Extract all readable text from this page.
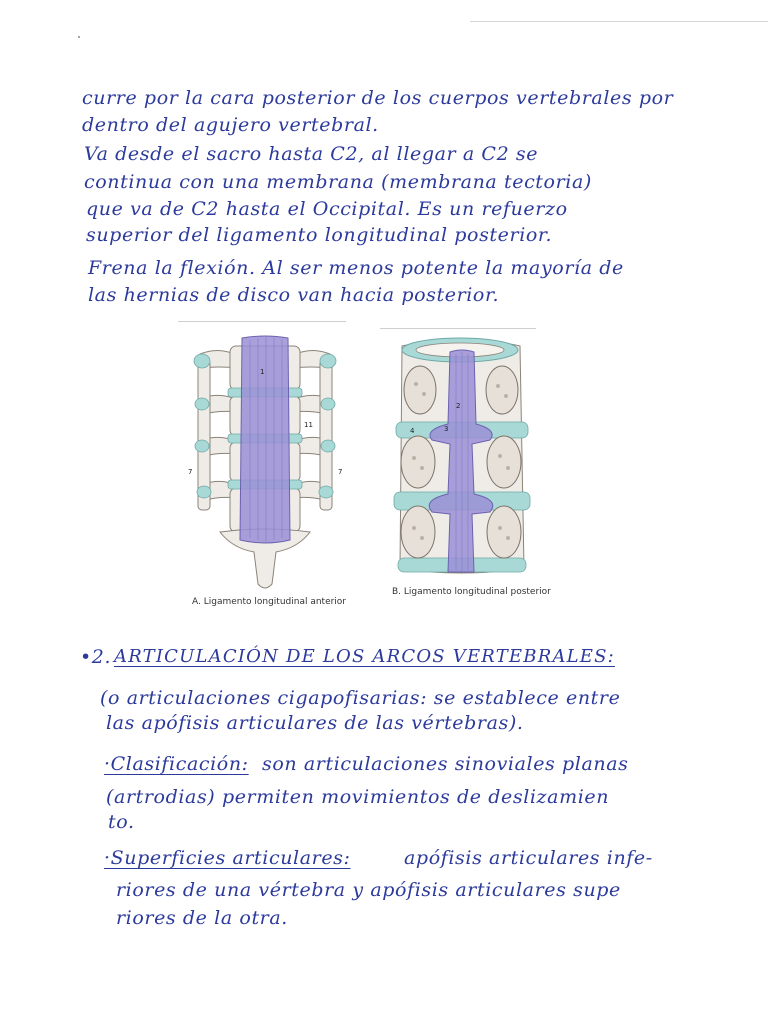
curre por la cara posterior de los cuerpos vertebrales por
dentro del agujero vertebral.
Va desde el sacro hasta C2, al llegar a C2 se
continua con una membrana (membrana tectoria)
que va de C2 hasta el Occipital. Es un refuerzo
superior del ligamento longitudinal posterior.
Frena la flexión. Al ser menos potente la mayoría de
las hernias de disco van hacia posterior.
1
11
7	7
A. Ligamento longitudinal anterior
2
3
4
B. Ligamento longitudinal posterior
•2. ARTICULACIÓN DE LOS ARCOS VERTEBRALES:
(o articulaciones cigapofisarias: se establece entre
las apófisis articulares de las vértebras).
·Clasificación: son articulaciones sinoviales planas
(artrodias) permiten movimientos de deslizamien
to.
·Superficies articulares:	apófisis articulares infe-
riores de una vértebra y apófisis articulares supe
riores de la otra.
